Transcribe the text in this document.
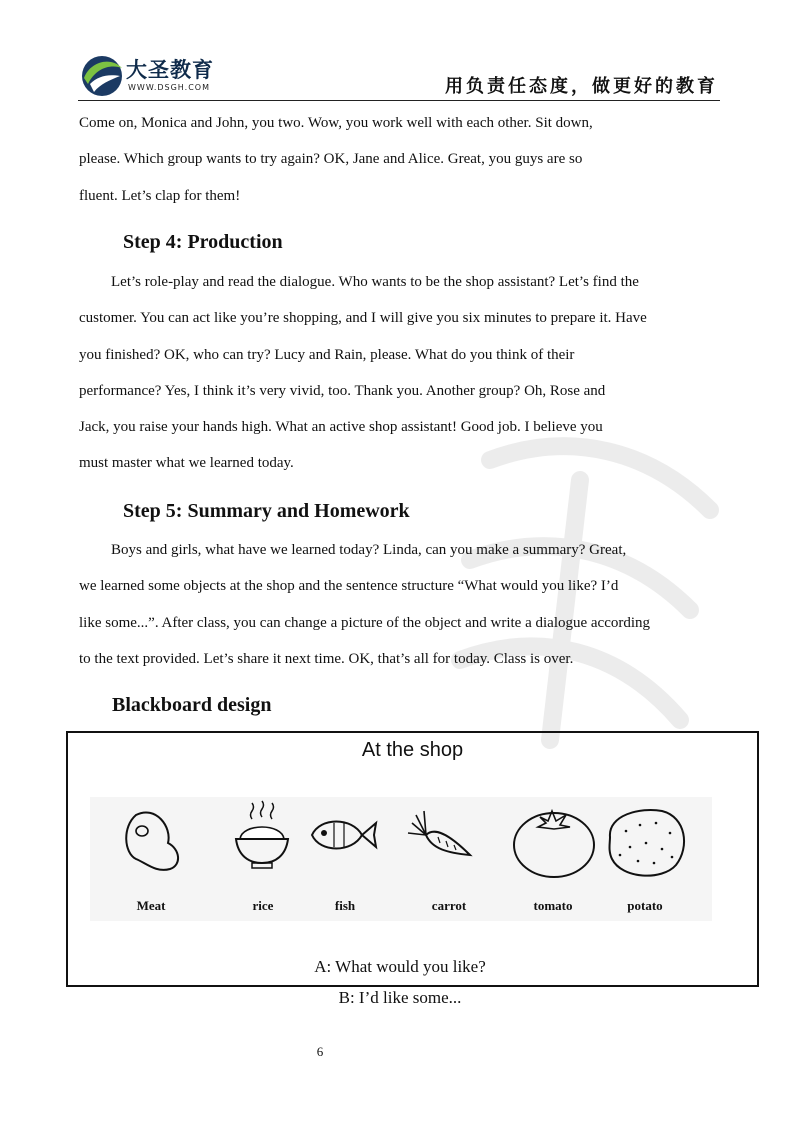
大圣教育
WWW.DSGH.COM	用负责任态度，做更好的教育
Come on, Monica and John, you two. Wow, you work well with each other. Sit down,
please. Which group wants to try again? OK, Jane and Alice. Great, you guys are so
fluent. Let’s clap for them!
Step 4: Production
Let’s role-play and read the dialogue. Who wants to be the shop assistant? Let’s find the
customer. You can act like you’re shopping, and I will give you six minutes to prepare it. Have
you finished? OK, who can try? Lucy and Rain, please. What do you think of their
performance? Yes, I think it’s very vivid, too. Thank you. Another group? Oh, Rose and
Jack, you raise your hands high. What an active shop assistant! Good job. I believe you
must master what we learned today.
Step 5: Summary and Homework
Boys and girls, what have we learned today? Linda, can you make a summary? Great,
we learned some objects at the shop and the sentence structure “What would you like? I’d
like some...”. After class, you can change a picture of the object and write a dialogue according
to the text provided. Let’s share it next time. OK, that’s all for today. Class is over.
Blackboard design
At the shop
Meat	rice	fish	carrot	tomato	potato
A: What would you like?
B: I’d like some...
6
